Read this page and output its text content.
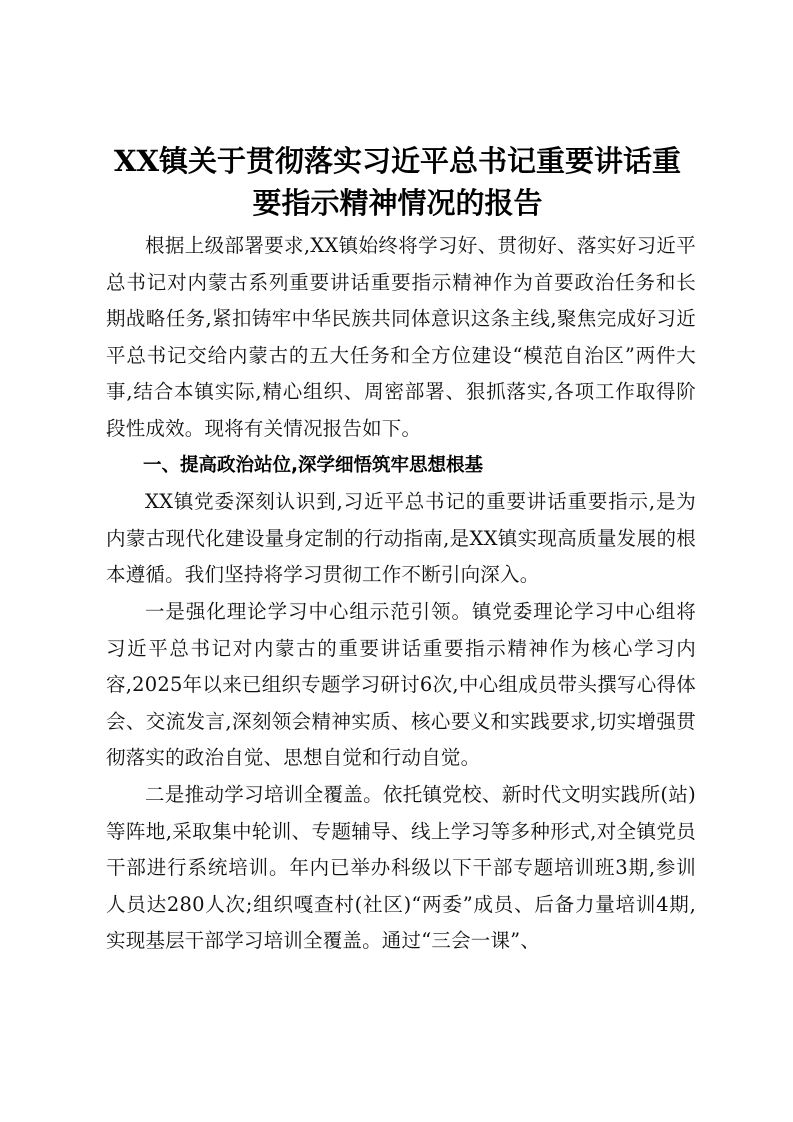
XX镇关于贯彻落实习近平总书记重要讲话重要指示精神情况的报告

根据上级部署要求,XX镇始终将学习好、贯彻好、落实好习近平总书记对内蒙古系列重要讲话重要指示精神作为首要政治任务和长期战略任务,紧扣铸牢中华民族共同体意识这条主线,聚焦完成好习近平总书记交给内蒙古的五大任务和全方位建设“模范自治区”两件大事,结合本镇实际,精心组织、周密部署、狠抓落实,各项工作取得阶段性成效。现将有关情况报告如下。

一、提高政治站位,深学细悟筑牢思想根基

XX镇党委深刻认识到,习近平总书记的重要讲话重要指示,是为内蒙古现代化建设量身定制的行动指南,是XX镇实现高质量发展的根本遵循。我们坚持将学习贯彻工作不断引向深入。

一是强化理论学习中心组示范引领。镇党委理论学习中心组将习近平总书记对内蒙古的重要讲话重要指示精神作为核心学习内容,2025年以来已组织专题学习研讨6次,中心组成员带头撰写心得体会、交流发言,深刻领会精神实质、核心要义和实践要求,切实增强贯彻落实的政治自觉、思想自觉和行动自觉。

二是推动学习培训全覆盖。依托镇党校、新时代文明实践所(站)等阵地,采取集中轮训、专题辅导、线上学习等多种形式,对全镇党员干部进行系统培训。年内已举办科级以下干部专题培训班3期,参训人员达280人次;组织嘎查村(社区)“两委”成员、后备力量培训4期,实现基层干部学习培训全覆盖。通过“三会一课”、
